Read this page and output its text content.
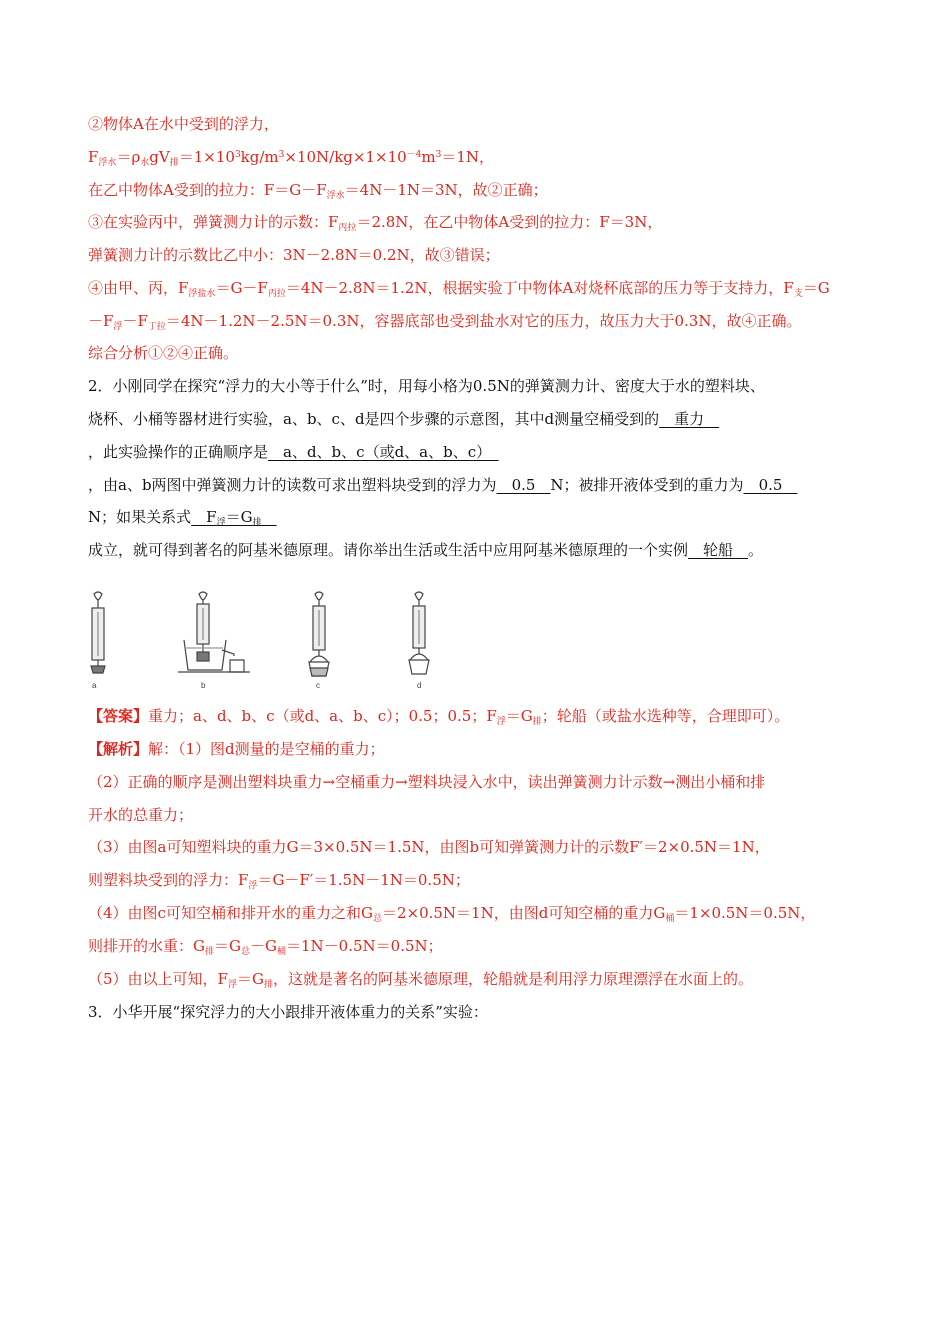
②物体A在水中受到的浮力，
$F_{浮水}=\rho_水gV_排=1\times 10^3kg/m^3\times 10N/kg\times 1\times 10^{-4}m^3=1N$，
在乙中物体A受到的拉力：$F=G-F_{浮水}=4N-1N=3N$，故②正确；
③在实验丙中，弹簧测力计的示数：$F_{丙拉}=2.8N$，在乙中物体A受到的拉力：F＝3N，
弹簧测力计的示数比乙中小：3N－2.8N＝0.2N，故③错误；
④由甲、丙，$F_{浮盐水}=G-F_{丙拉}=4N-2.8N=1.2N$，根据实验丁中物体A对烧杯底部的压力等于支持力，$F_支=G$
$-F_浮-F_{丁拉}=4N-1.2N-2.5N=0.3N$，容器底部也受到盐水对它的压力，故压力大于0.3N，故④正确。
综合分析①②④正确。
2．小刚同学在探究“浮力的大小等于什么”时，用每小格为0.5N的弹簧测力计、密度大于水的塑料块、
烧杯、小桶等器材进行实验，a、b、c、d是四个步骤的示意图，其中d测量空桶受到的　重力　
，此实验操作的正确顺序是　a、d、b、c（或d、a、b、c）　
，由a、b两图中弹簧测力计的读数可求出塑料块受到的浮力为　0.5　N；被排开液体受到的重力为　0.5　
N；如果关系式　$F_浮=G_排$　
成立，就可得到著名的阿基米德原理。请你举出生活或生活中应用阿基米德原理的一个实例　轮船　。
a	b	c	d
【答案】重力；a、d、b、c（或d、a、b、c）；0.5；0.5；$F_浮=G_排$；轮船（或盐水选种等，合理即可）。
【解析】解：（1）图d测量的是空桶的重力；
（2）正确的顺序是测出塑料块重力→空桶重力→塑料块浸入水中，读出弹簧测力计示数→测出小桶和排
开水的总重力；
（3）由图a可知塑料块的重力G＝3×0.5N＝1.5N，由图b可知弹簧测力计的示数F′＝2×0.5N＝1N，
则塑料块受到的浮力：$F_浮=G-F'=1.5N-1N=0.5N$；
（4）由图c可知空桶和排开水的重力之和$G_总=2\times 0.5N=1N$，由图d可知空桶的重力$G_桶=1\times 0.5N=0.5N$，
则排开的水重：$G_排=G_总-G_桶=1N-0.5N=0.5N$；
（5）由以上可知，$F_浮=G_排$，这就是著名的阿基米德原理，轮船就是利用浮力原理漂浮在水面上的。
3．小华开展“探究浮力的大小跟排开液体重力的关系”实验：
